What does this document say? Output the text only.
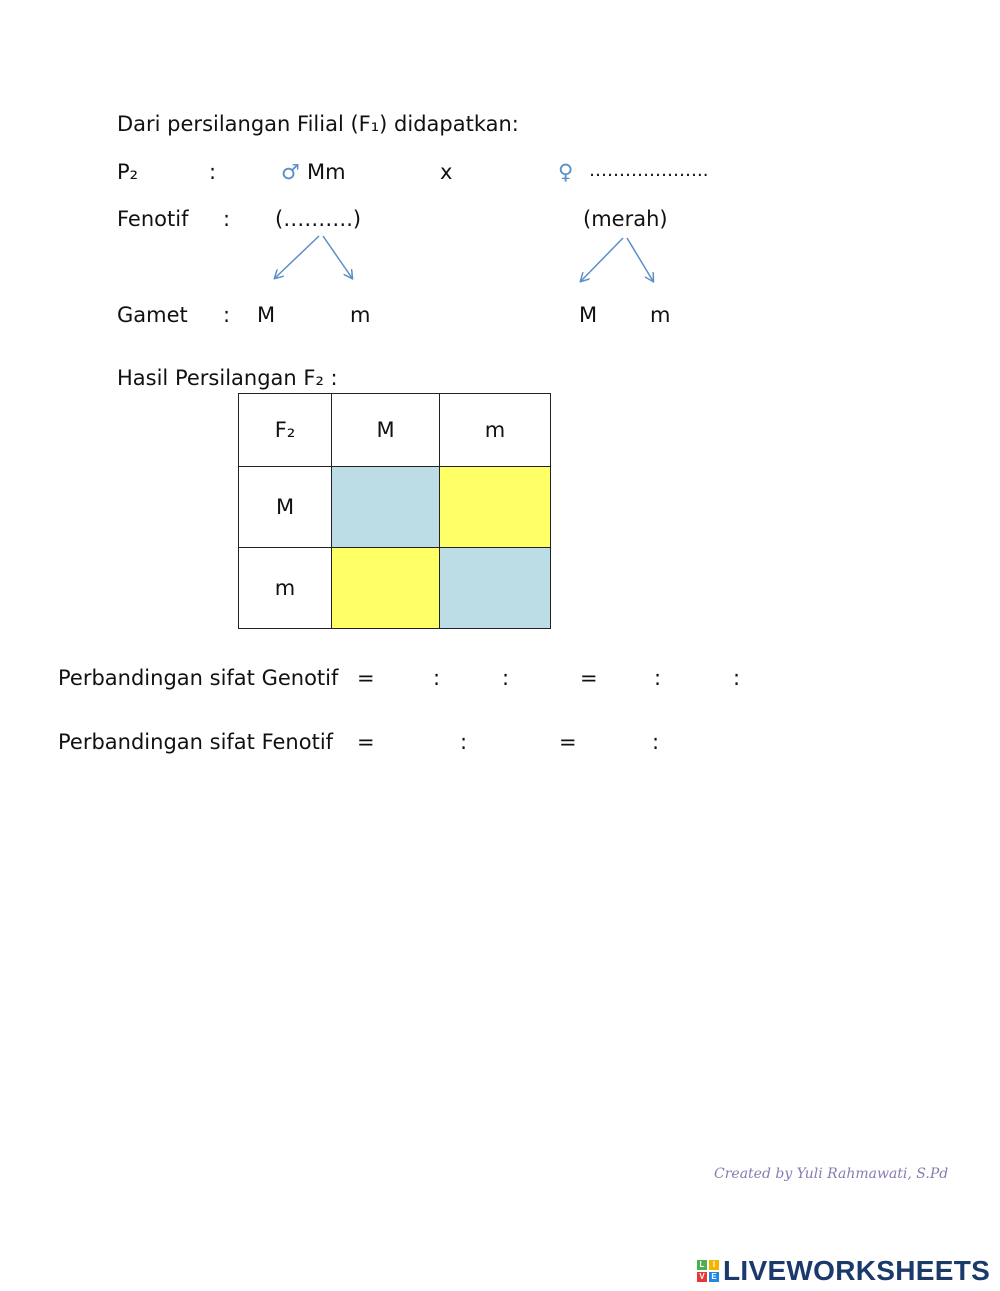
Dari persilangan Filial (F₁) didapatkan:
P₂	:	♂ Mm	x	♀ ………………..
Fenotif : (……….)	(merah)
Gamet : M	m	M	m
Hasil Persilangan F₂ :
F₂	M	m
M		
m		
Perbandingan sifat Genotif =	:	:	=	:	:
Perbandingan sifat Fenotif =	:	=	:
Created by Yuli Rahmawati, S.Pd
L	I
V E LIVEWORKSHEETS
